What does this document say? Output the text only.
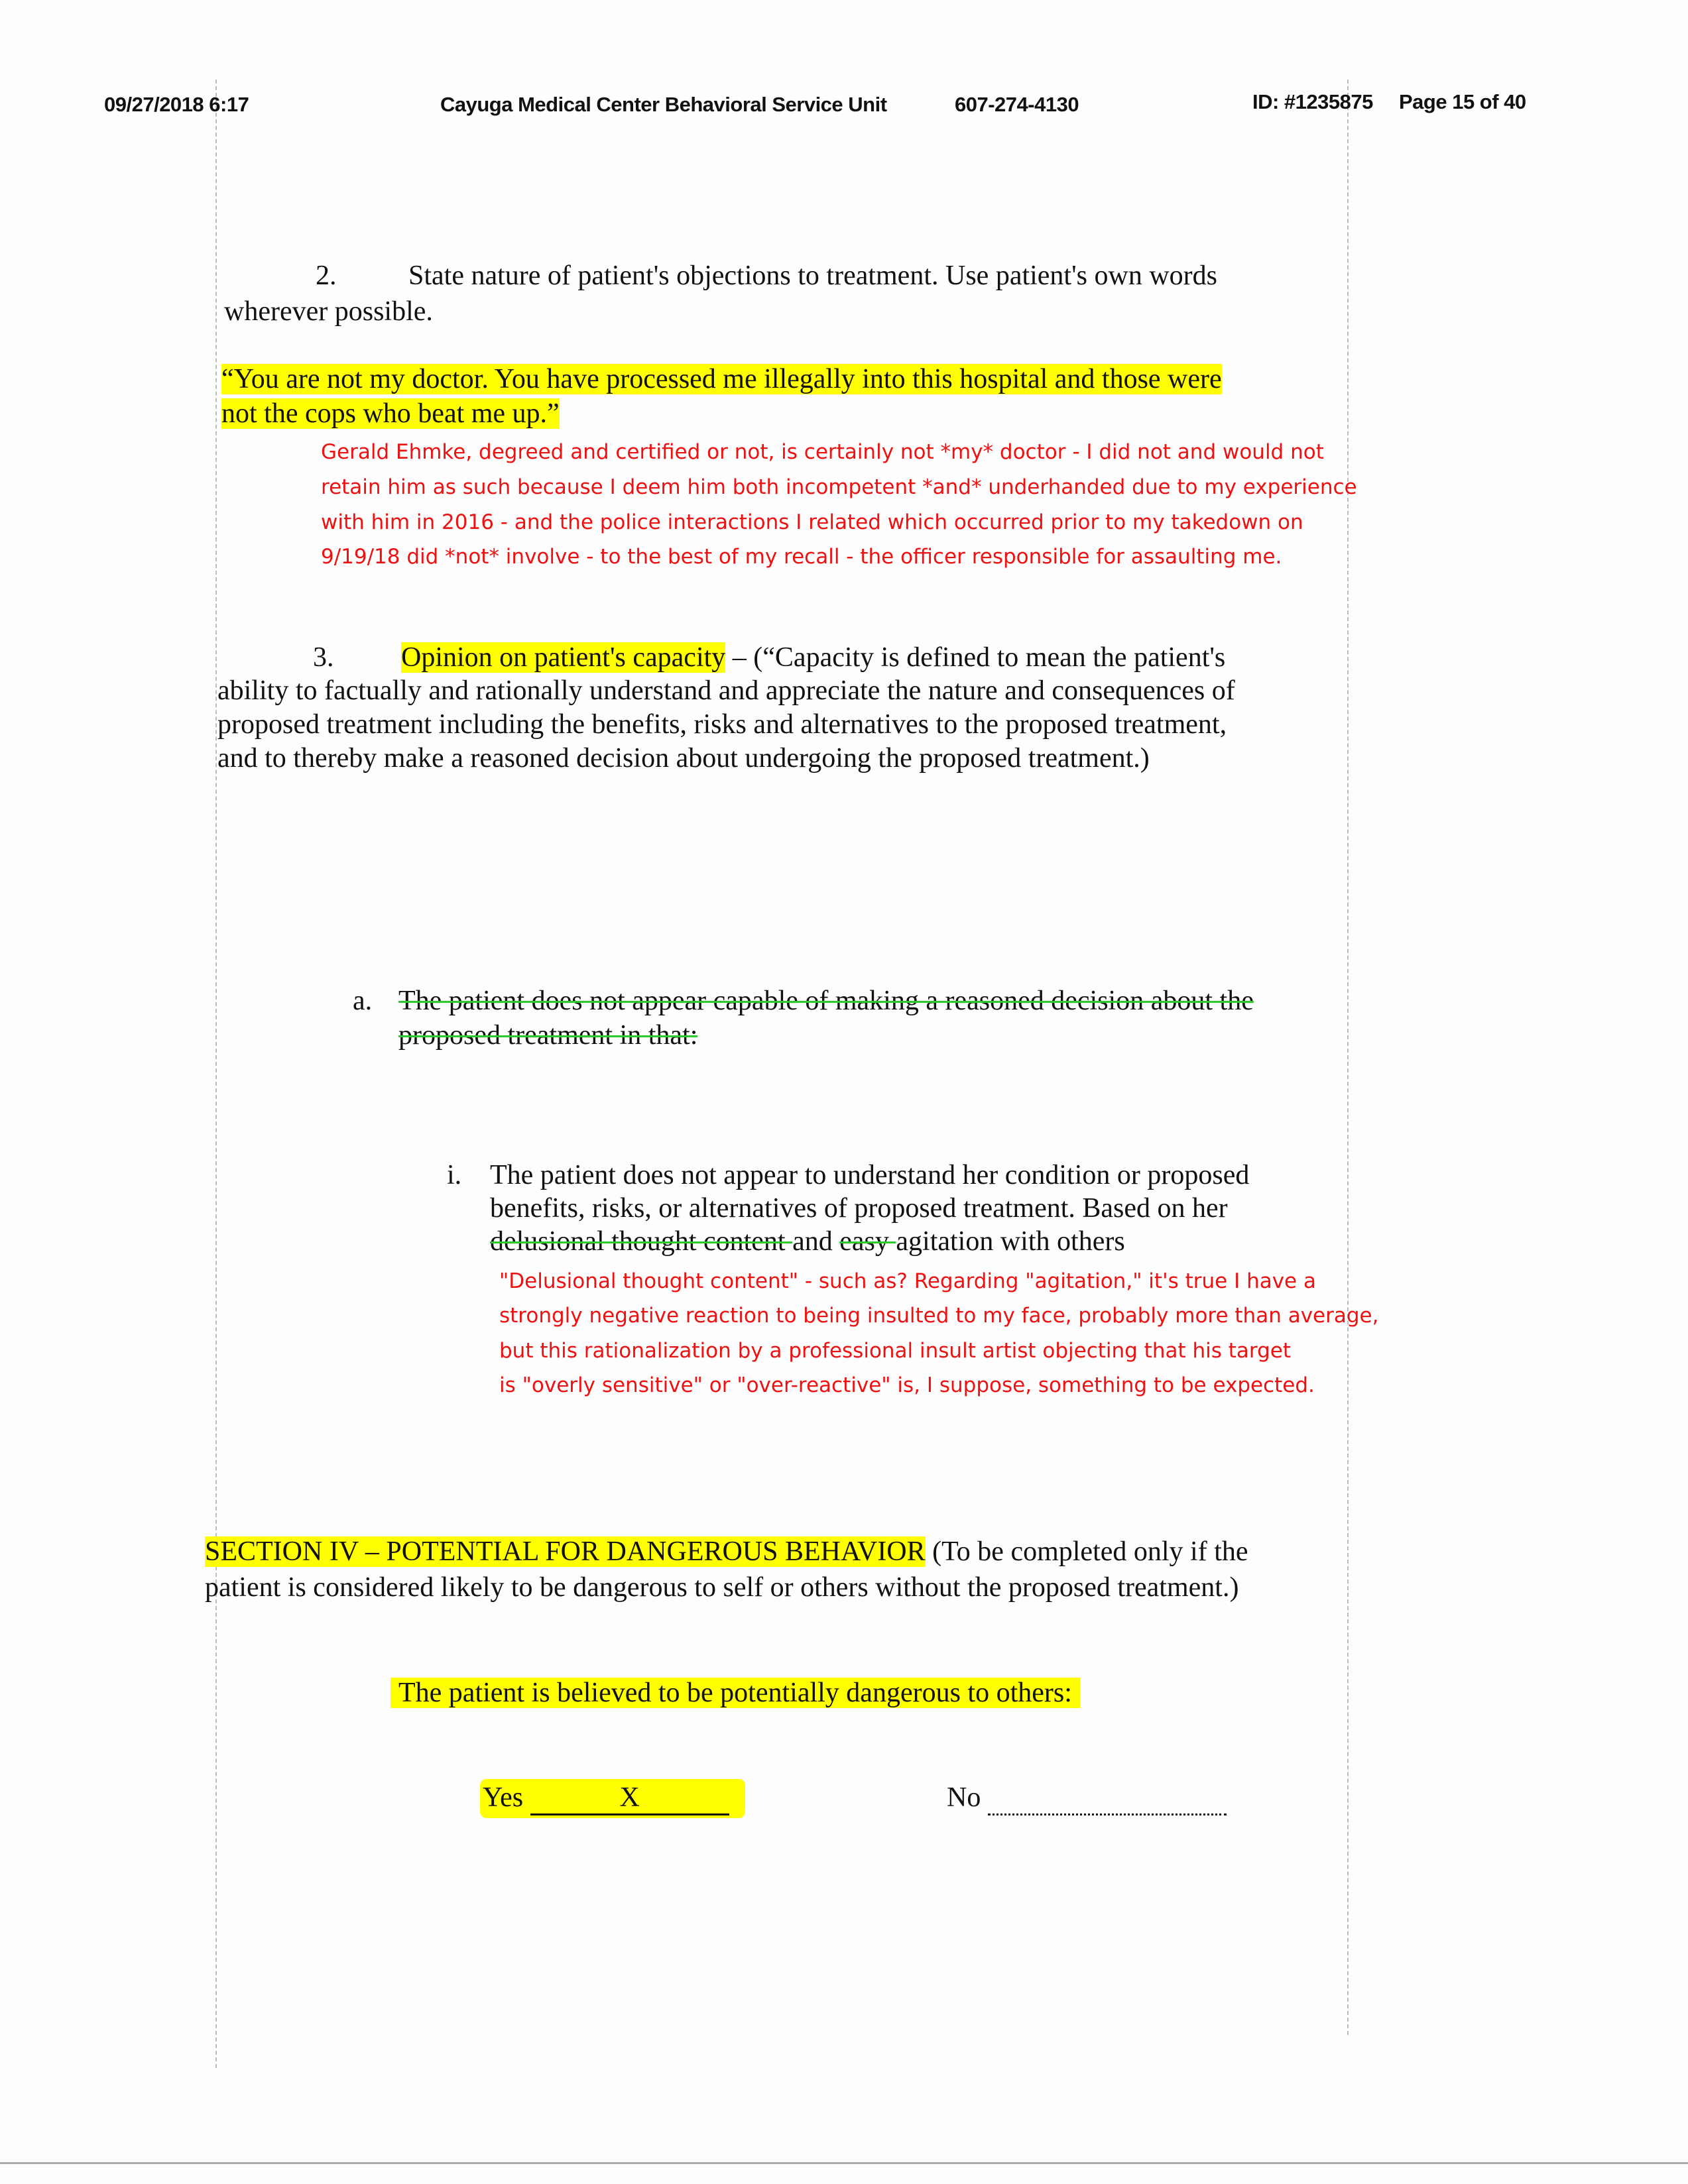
09/27/2018 6:17	Cayuga Medical Center Behavioral Service Unit	607-274-4130	ID: #1235875 Page 15 of 40
2.	State nature of patient's objections to treatment. Use patient's own words
wherever possible.
“You are not my doctor. You have processed me illegally into this hospital and those were
not the cops who beat me up.”
Gerald Ehmke, degreed and certified or not, is certainly not *my* doctor - I did not and would not
retain him as such because I deem him both incompetent *and* underhanded due to my experience
with him in 2016 - and the police interactions I related which occurred prior to my takedown on
9/19/18 did *not* involve - to the best of my recall - the officer responsible for assaulting me.
3. Opinion on patient's capacity – (“Capacity is defined to mean the patient's
ability to factually and rationally understand and appreciate the nature and consequences of
proposed treatment including the benefits, risks and alternatives to the proposed treatment,
and to thereby make a reasoned decision about undergoing the proposed treatment.)
a. The patient does not appear capable of making a reasoned decision about the
proposed treatment in that:
i. The patient does not appear to understand her condition or proposed
benefits, risks, or alternatives of proposed treatment. Based on her
delusional thought content and easy agitation with others
"Delusional thought content" - such as? Regarding "agitation," it's true I have a
strongly negative reaction to being insulted to my face, probably more than average,
but this rationalization by a professional insult artist objecting that his target
is "overly sensitive" or "over-reactive" is, I suppose, something to be expected.
SECTION IV – POTENTIAL FOR DANGEROUS BEHAVIOR (To be completed only if the
patient is considered likely to be dangerous to self or others without the proposed treatment.)
The patient is believed to be potentially dangerous to others:
Yes	X	No
